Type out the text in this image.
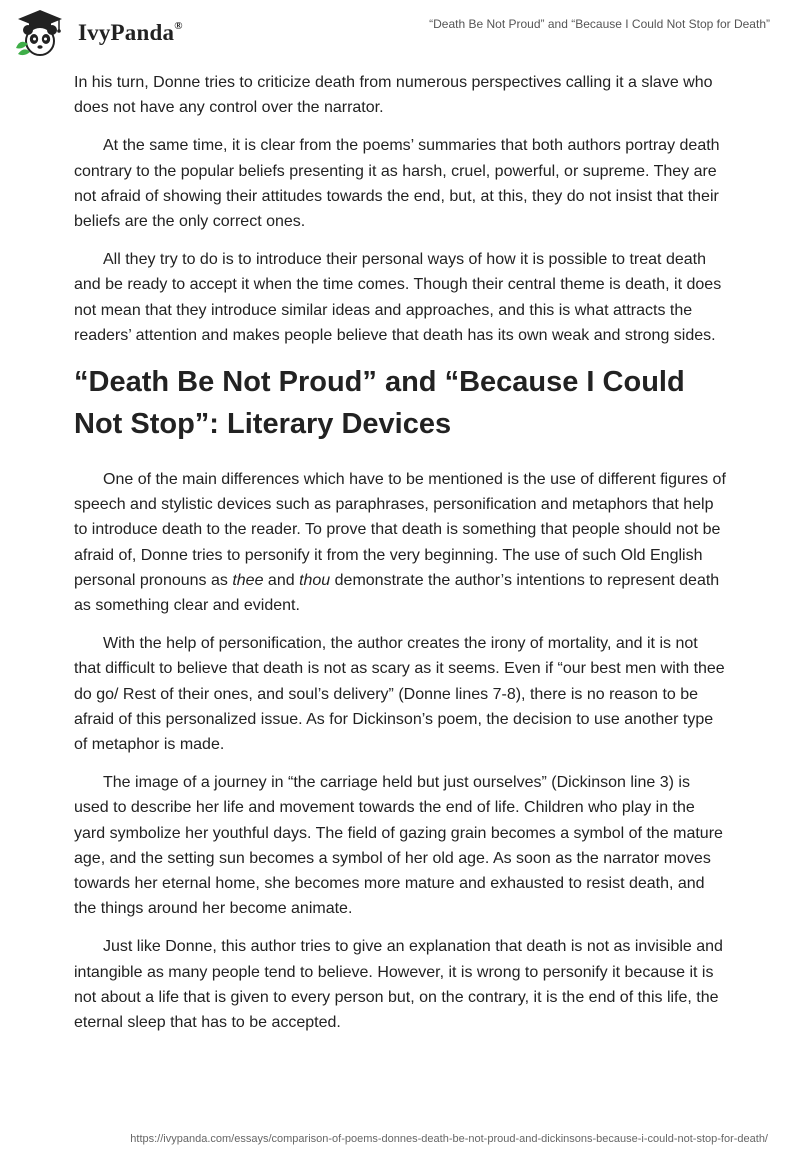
IvyPanda®	“Death Be Not Proud” and “Because I Could Not Stop for Death”

In his turn, Donne tries to criticize death from numerous perspectives calling it a slave who does not have any control over the narrator.

At the same time, it is clear from the poems’ summaries that both authors portray death contrary to the popular beliefs presenting it as harsh, cruel, powerful, or supreme. They are not afraid of showing their attitudes towards the end, but, at this, they do not insist that their beliefs are the only correct ones.

All they try to do is to introduce their personal ways of how it is possible to treat death and be ready to accept it when the time comes. Though their central theme is death, it does not mean that they introduce similar ideas and approaches, and this is what attracts the readers’ attention and makes people believe that death has its own weak and strong sides.

“Death Be Not Proud” and “Because I Could Not Stop”: Literary Devices

One of the main differences which have to be mentioned is the use of different figures of speech and stylistic devices such as paraphrases, personification and metaphors that help to introduce death to the reader. To prove that death is something that people should not be afraid of, Donne tries to personify it from the very beginning. The use of such Old English personal pronouns as thee and thou demonstrate the author’s intentions to represent death as something clear and evident.

With the help of personification, the author creates the irony of mortality, and it is not that difficult to believe that death is not as scary as it seems. Even if “our best men with thee do go/ Rest of their ones, and soul’s delivery” (Donne lines 7-8), there is no reason to be afraid of this personalized issue. As for Dickinson’s poem, the decision to use another type of metaphor is made.

The image of a journey in “the carriage held but just ourselves” (Dickinson line 3) is used to describe her life and movement towards the end of life. Children who play in the yard symbolize her youthful days. The field of gazing grain becomes a symbol of the mature age, and the setting sun becomes a symbol of her old age. As soon as the narrator moves towards her eternal home, she becomes more mature and exhausted to resist death, and the things around her become animate.

Just like Donne, this author tries to give an explanation that death is not as invisible and intangible as many people tend to believe. However, it is wrong to personify it because it is not about a life that is given to every person but, on the contrary, it is the end of this life, the eternal sleep that has to be accepted.

https://ivypanda.com/essays/comparison-of-poems-donnes-death-be-not-proud-and-dickinsons-because-i-could-not-stop-for-death/
